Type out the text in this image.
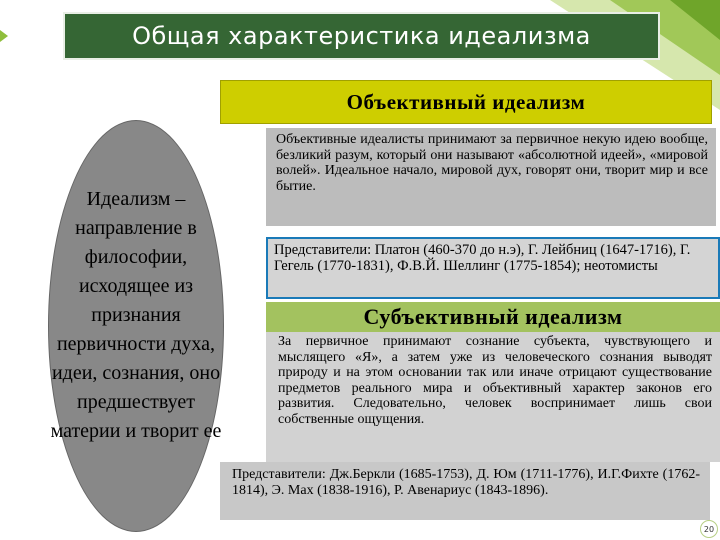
Общая характеристика идеализма
Идеализм – направление в философии, исходящее из признания первичности духа, идеи, сознания, оно предшествует материи и творит ее
Объективный идеализм
Объективные идеалисты принимают за первичное некую идею вообще, безликий разум, который они называют «абсолютной идеей», «мировой волей». Идеальное начало, мировой дух, говорят они, творит мир и все бытие.
Представители: Платон (460-370 до н.э), Г. Лейбниц (1647-1716), Г. Гегель (1770-1831), Ф.В.Й. Шеллинг (1775-1854); неотомисты
Субъективный идеализм
За первичное принимают сознание субъекта, чувствующего и мыслящего «Я», а затем уже из человеческого сознания выводят природу и на этом основании так или иначе отрицают существование предметов реального мира и объективный характер законов его развития. Следовательно, человек воспринимает лишь свои собственные ощущения.
Представители: Дж.Беркли (1685-1753), Д. Юм (1711-1776), И.Г.Фихте (1762-1814), Э. Мах (1838-1916), Р. Авенариус (1843-1896).
20
